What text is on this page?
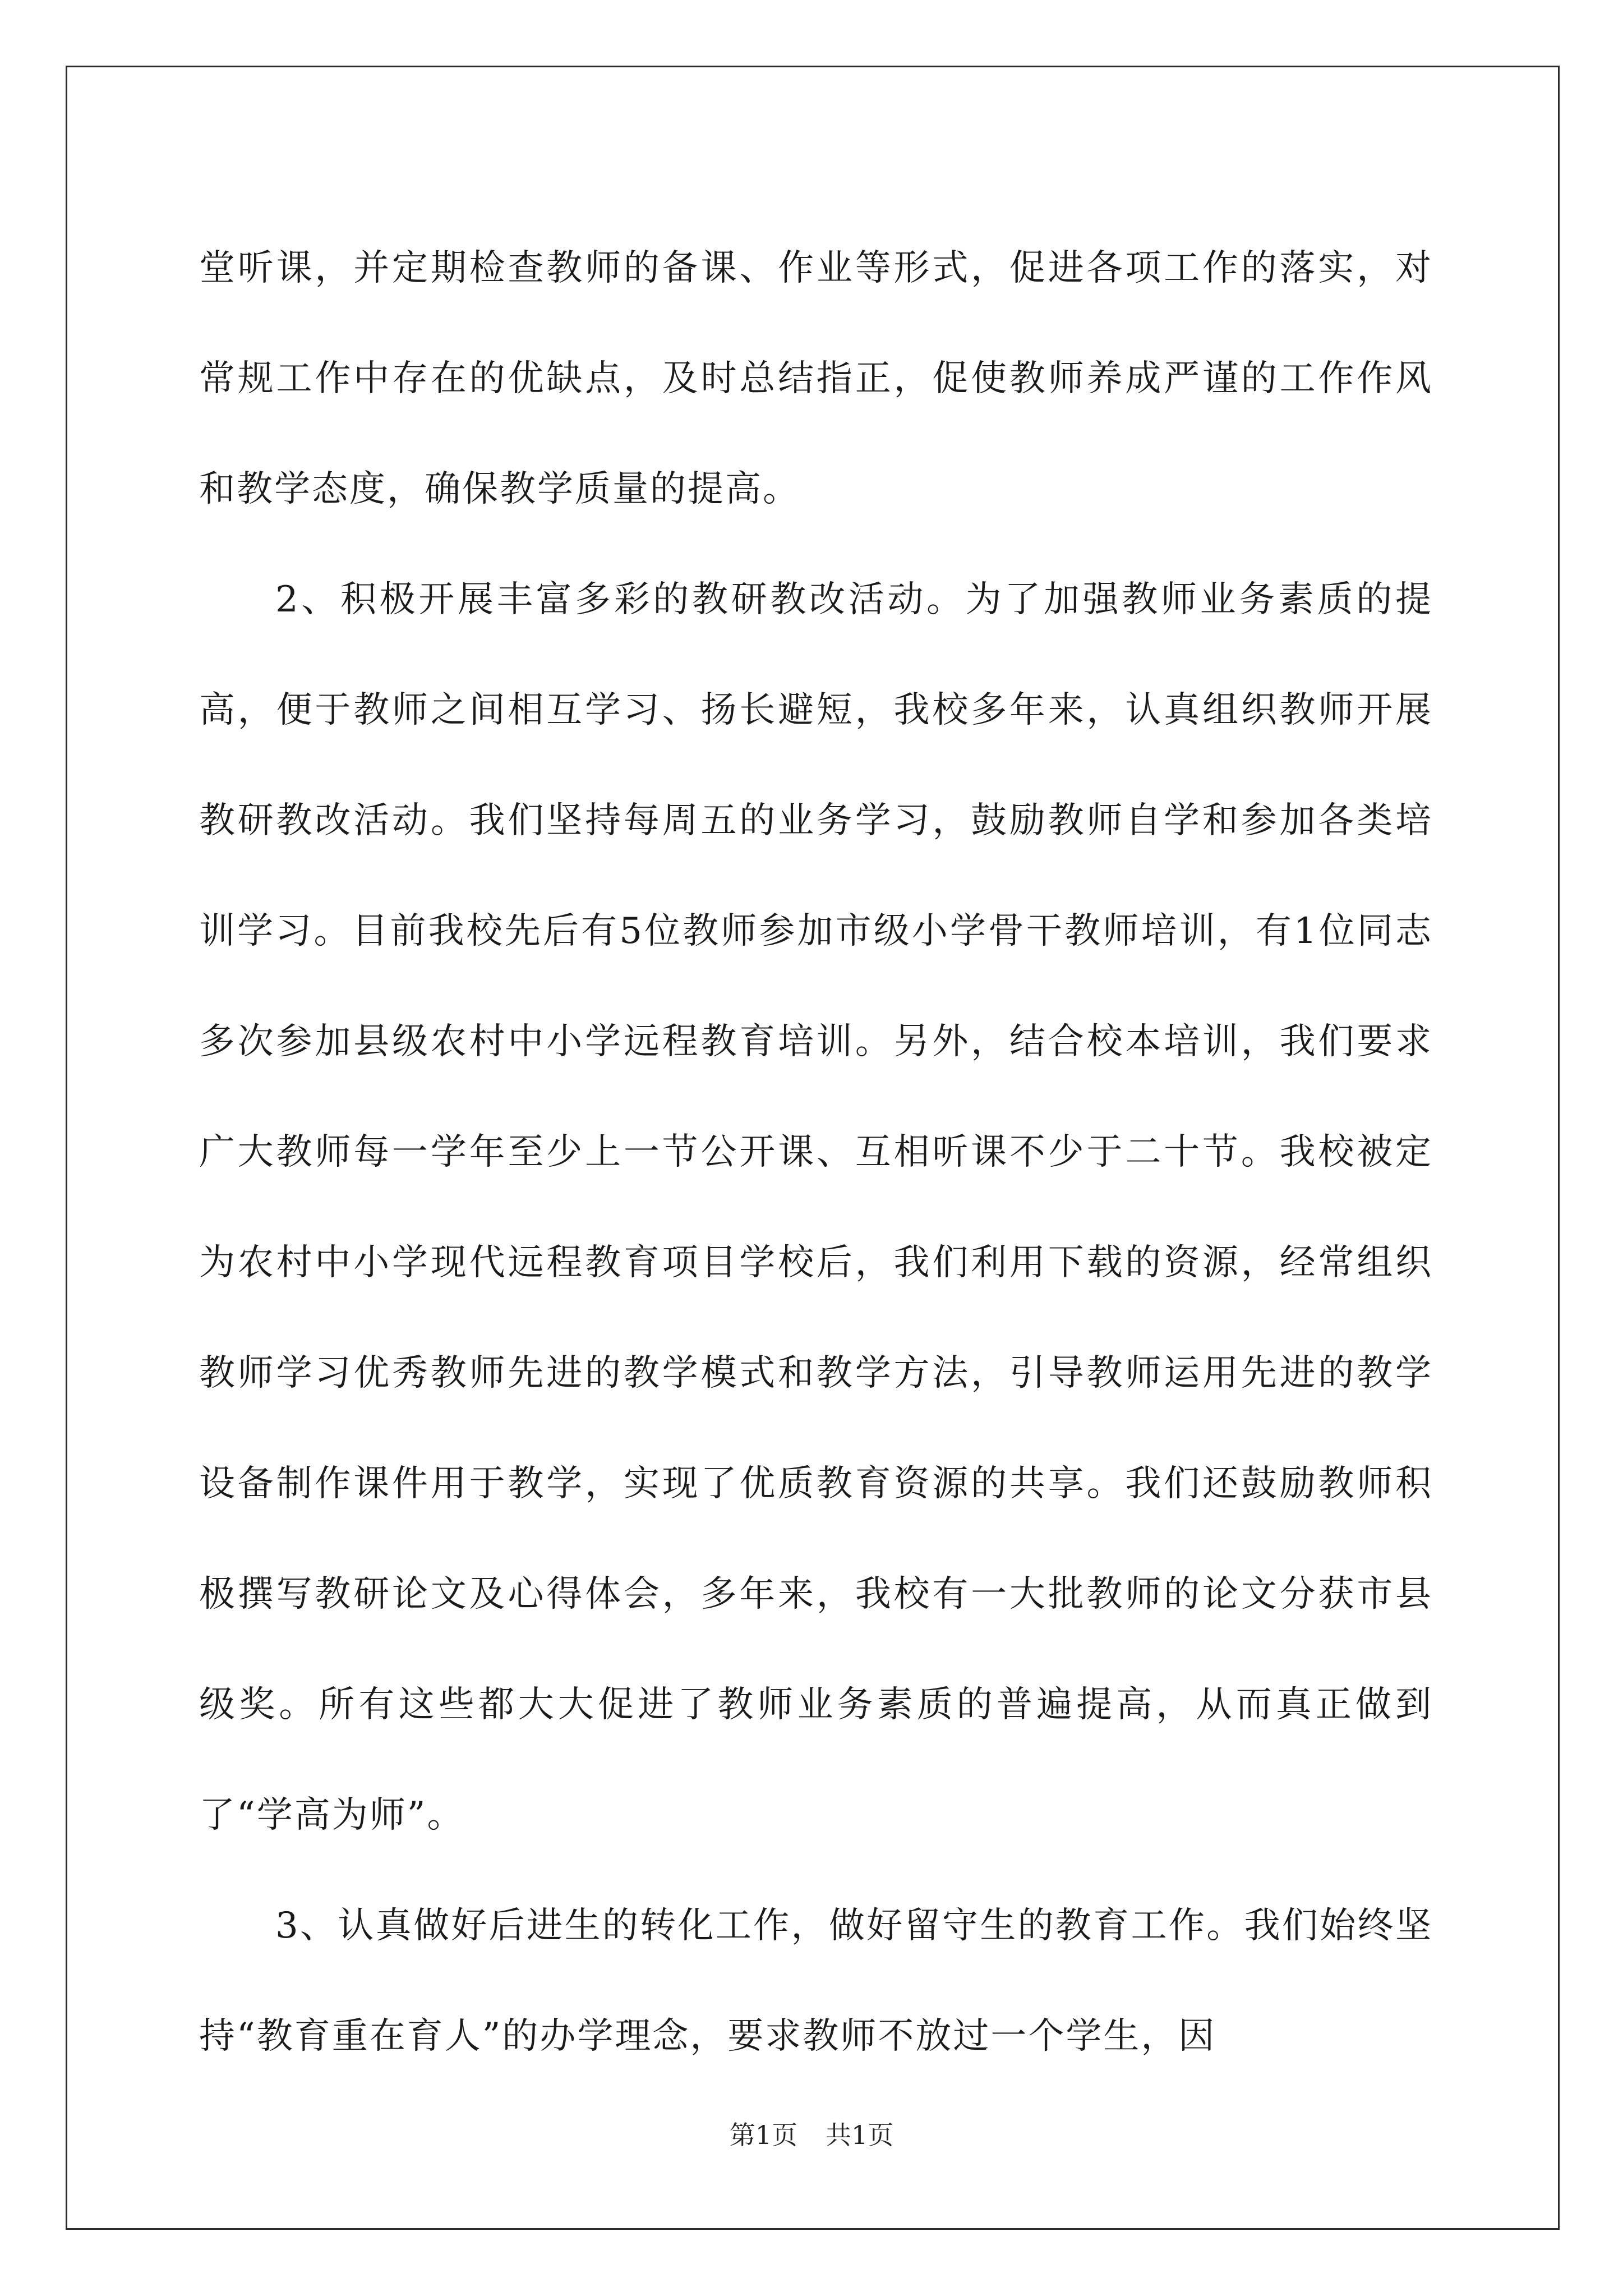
堂听课，并定期检查教师的备课、作业等形式，促进各项工作的落实，对常规工作中存在的优缺点，及时总结指正，促使教师养成严谨的工作作风和教学态度，确保教学质量的提高。

2、积极开展丰富多彩的教研教改活动。为了加强教师业务素质的提高，便于教师之间相互学习、扬长避短，我校多年来，认真组织教师开展教研教改活动。我们坚持每周五的业务学习，鼓励教师自学和参加各类培训学习。目前我校先后有5位教师参加市级小学骨干教师培训，有1位同志多次参加县级农村中小学远程教育培训。另外，结合校本培训，我们要求广大教师每一学年至少上一节公开课、互相听课不少于二十节。我校被定为农村中小学现代远程教育项目学校后，我们利用下载的资源，经常组织教师学习优秀教师先进的教学模式和教学方法，引导教师运用先进的教学设备制作课件用于教学，实现了优质教育资源的共享。我们还鼓励教师积极撰写教研论文及心得体会，多年来，我校有一大批教师的论文分获市县级奖。所有这些都大大促进了教师业务素质的普遍提高，从而真正做到了“学高为师”。

3、认真做好后进生的转化工作，做好留守生的教育工作。我们始终坚持“教育重在育人”的办学理念，要求教师不放过一个学生，因

第1页 共1页
